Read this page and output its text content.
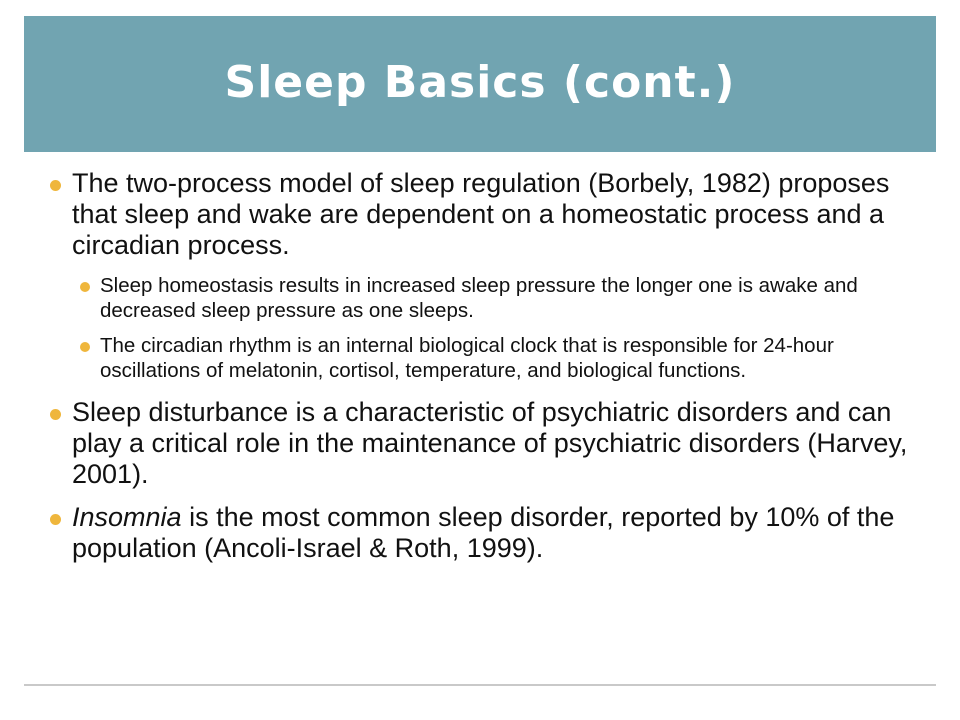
Sleep Basics (cont.)
The two-process model of sleep regulation (Borbely, 1982) proposes that sleep and wake are dependent on a homeostatic process and a circadian process.
Sleep homeostasis results in increased sleep pressure the longer one is awake and decreased sleep pressure as one sleeps.
The circadian rhythm is an internal biological clock that is responsible for 24-hour oscillations of melatonin, cortisol, temperature, and biological functions.
Sleep disturbance is a characteristic of psychiatric disorders and can play a critical role in the maintenance of psychiatric disorders (Harvey, 2001).
Insomnia is the most common sleep disorder, reported by 10% of the population (Ancoli-Israel & Roth, 1999).
